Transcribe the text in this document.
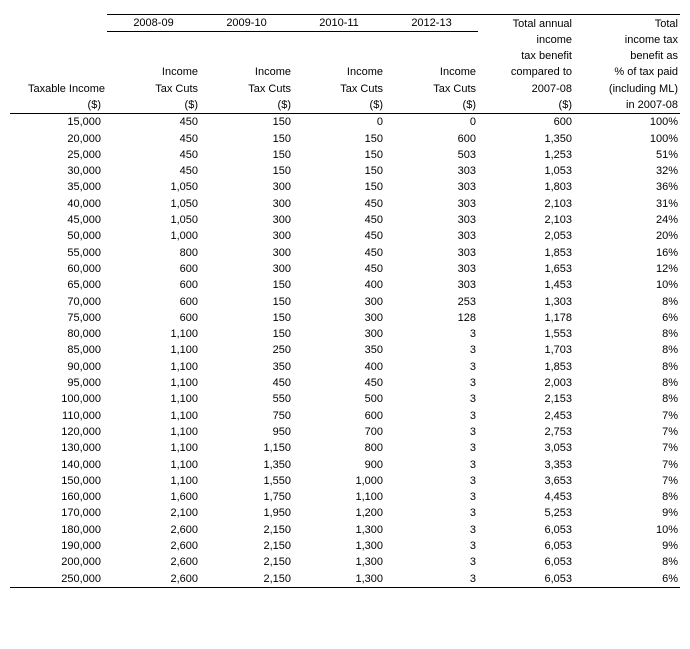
	2008-09	2009-10	2010-11	2012-13	Total annual	Total
					income	income tax
					tax benefit	benefit as
	Income	Income	Income	Income	compared to	% of tax paid
Taxable Income	Tax Cuts	Tax Cuts	Tax Cuts	Tax Cuts	2007-08	(including ML)
($)	($)	($)	($)	($)	($)	in 2007-08
15,000	450	150	0	0	600	100%
20,000	450	150	150	600	1,350	100%
25,000	450	150	150	503	1,253	51%
30,000	450	150	150	303	1,053	32%
35,000	1,050	300	150	303	1,803	36%
40,000	1,050	300	450	303	2,103	31%
45,000	1,050	300	450	303	2,103	24%
50,000	1,000	300	450	303	2,053	20%
55,000	800	300	450	303	1,853	16%
60,000	600	300	450	303	1,653	12%
65,000	600	150	400	303	1,453	10%
70,000	600	150	300	253	1,303	8%
75,000	600	150	300	128	1,178	6%
80,000	1,100	150	300	3	1,553	8%
85,000	1,100	250	350	3	1,703	8%
90,000	1,100	350	400	3	1,853	8%
95,000	1,100	450	450	3	2,003	8%
100,000	1,100	550	500	3	2,153	8%
110,000	1,100	750	600	3	2,453	7%
120,000	1,100	950	700	3	2,753	7%
130,000	1,100	1,150	800	3	3,053	7%
140,000	1,100	1,350	900	3	3,353	7%
150,000	1,100	1,550	1,000	3	3,653	7%
160,000	1,600	1,750	1,100	3	4,453	8%
170,000	2,100	1,950	1,200	3	5,253	9%
180,000	2,600	2,150	1,300	3	6,053	10%
190,000	2,600	2,150	1,300	3	6,053	9%
200,000	2,600	2,150	1,300	3	6,053	8%
250,000	2,600	2,150	1,300	3	6,053	6%
